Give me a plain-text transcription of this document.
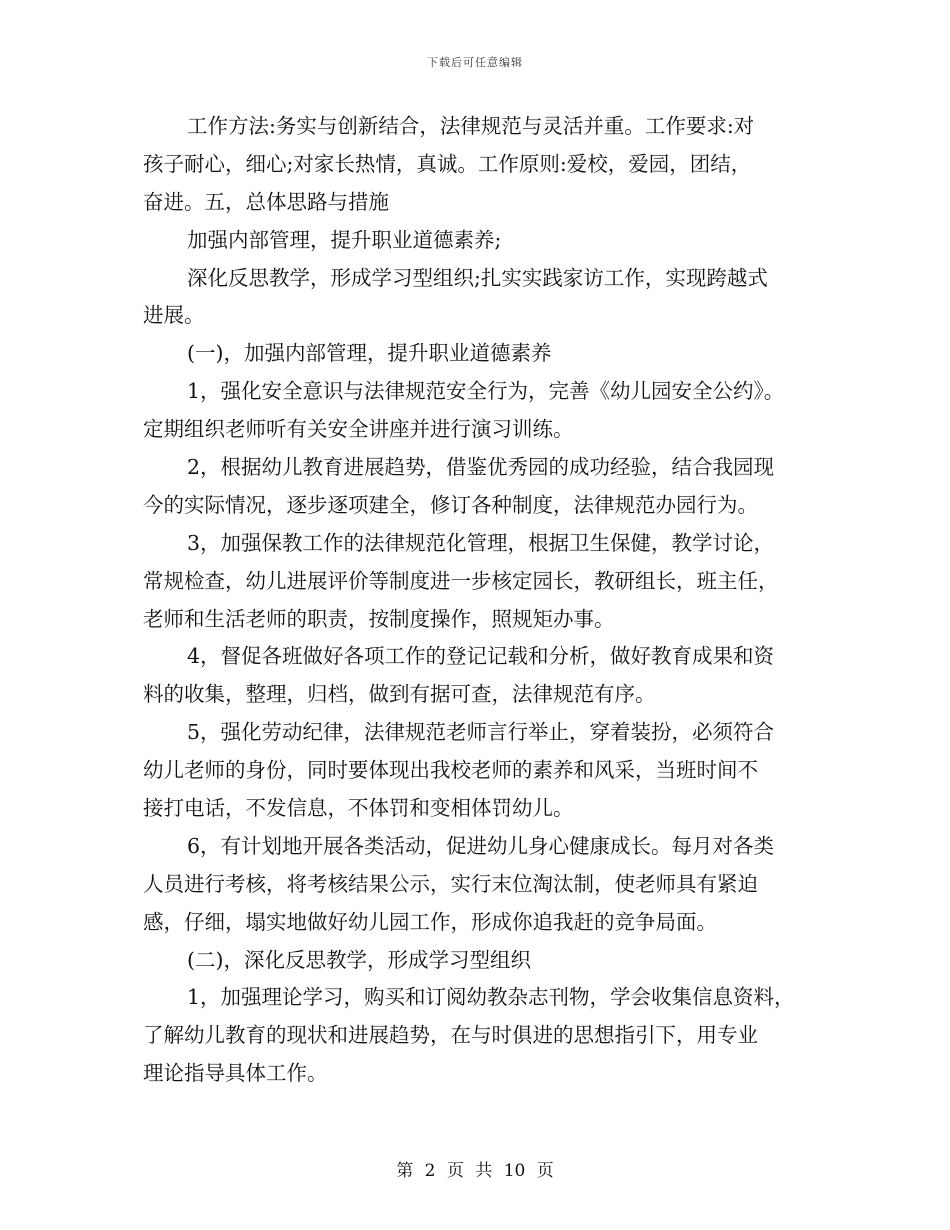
下载后可任意编辑
工作方法:务实与创新结合，法律规范与灵活并重。工作要求:对
孩子耐心，细心;对家长热情，真诚。工作原则:爱校，爱园，团结，
奋进。五，总体思路与措施
加强内部管理，提升职业道德素养;
深化反思教学，形成学习型组织;扎实实践家访工作，实现跨越式
进展。
(一)，加强内部管理，提升职业道德素养
1，强化安全意识与法律规范安全行为，完善《幼儿园安全公约》。
定期组织老师听有关安全讲座并进行演习训练。
2，根据幼儿教育进展趋势，借鉴优秀园的成功经验，结合我园现
今的实际情况，逐步逐项建全，修订各种制度，法律规范办园行为。
3，加强保教工作的法律规范化管理，根据卫生保健，教学讨论，
常规检查，幼儿进展评价等制度进一步核定园长，教研组长，班主任，
老师和生活老师的职责，按制度操作，照规矩办事。
4，督促各班做好各项工作的登记记载和分析，做好教育成果和资
料的收集，整理，归档，做到有据可查，法律规范有序。
5，强化劳动纪律，法律规范老师言行举止，穿着装扮，必须符合
幼儿老师的身份，同时要体现出我校老师的素养和风采，当班时间不
接打电话，不发信息，不体罚和变相体罚幼儿。
6，有计划地开展各类活动，促进幼儿身心健康成长。每月对各类
人员进行考核，将考核结果公示，实行末位淘汰制，使老师具有紧迫
感，仔细，塌实地做好幼儿园工作，形成你追我赶的竞争局面。
(二)，深化反思教学，形成学习型组织
1，加强理论学习，购买和订阅幼教杂志刊物，学会收集信息资料，
了解幼儿教育的现状和进展趋势，在与时俱进的思想指引下，用专业
理论指导具体工作。
第 2 页 共 10 页
